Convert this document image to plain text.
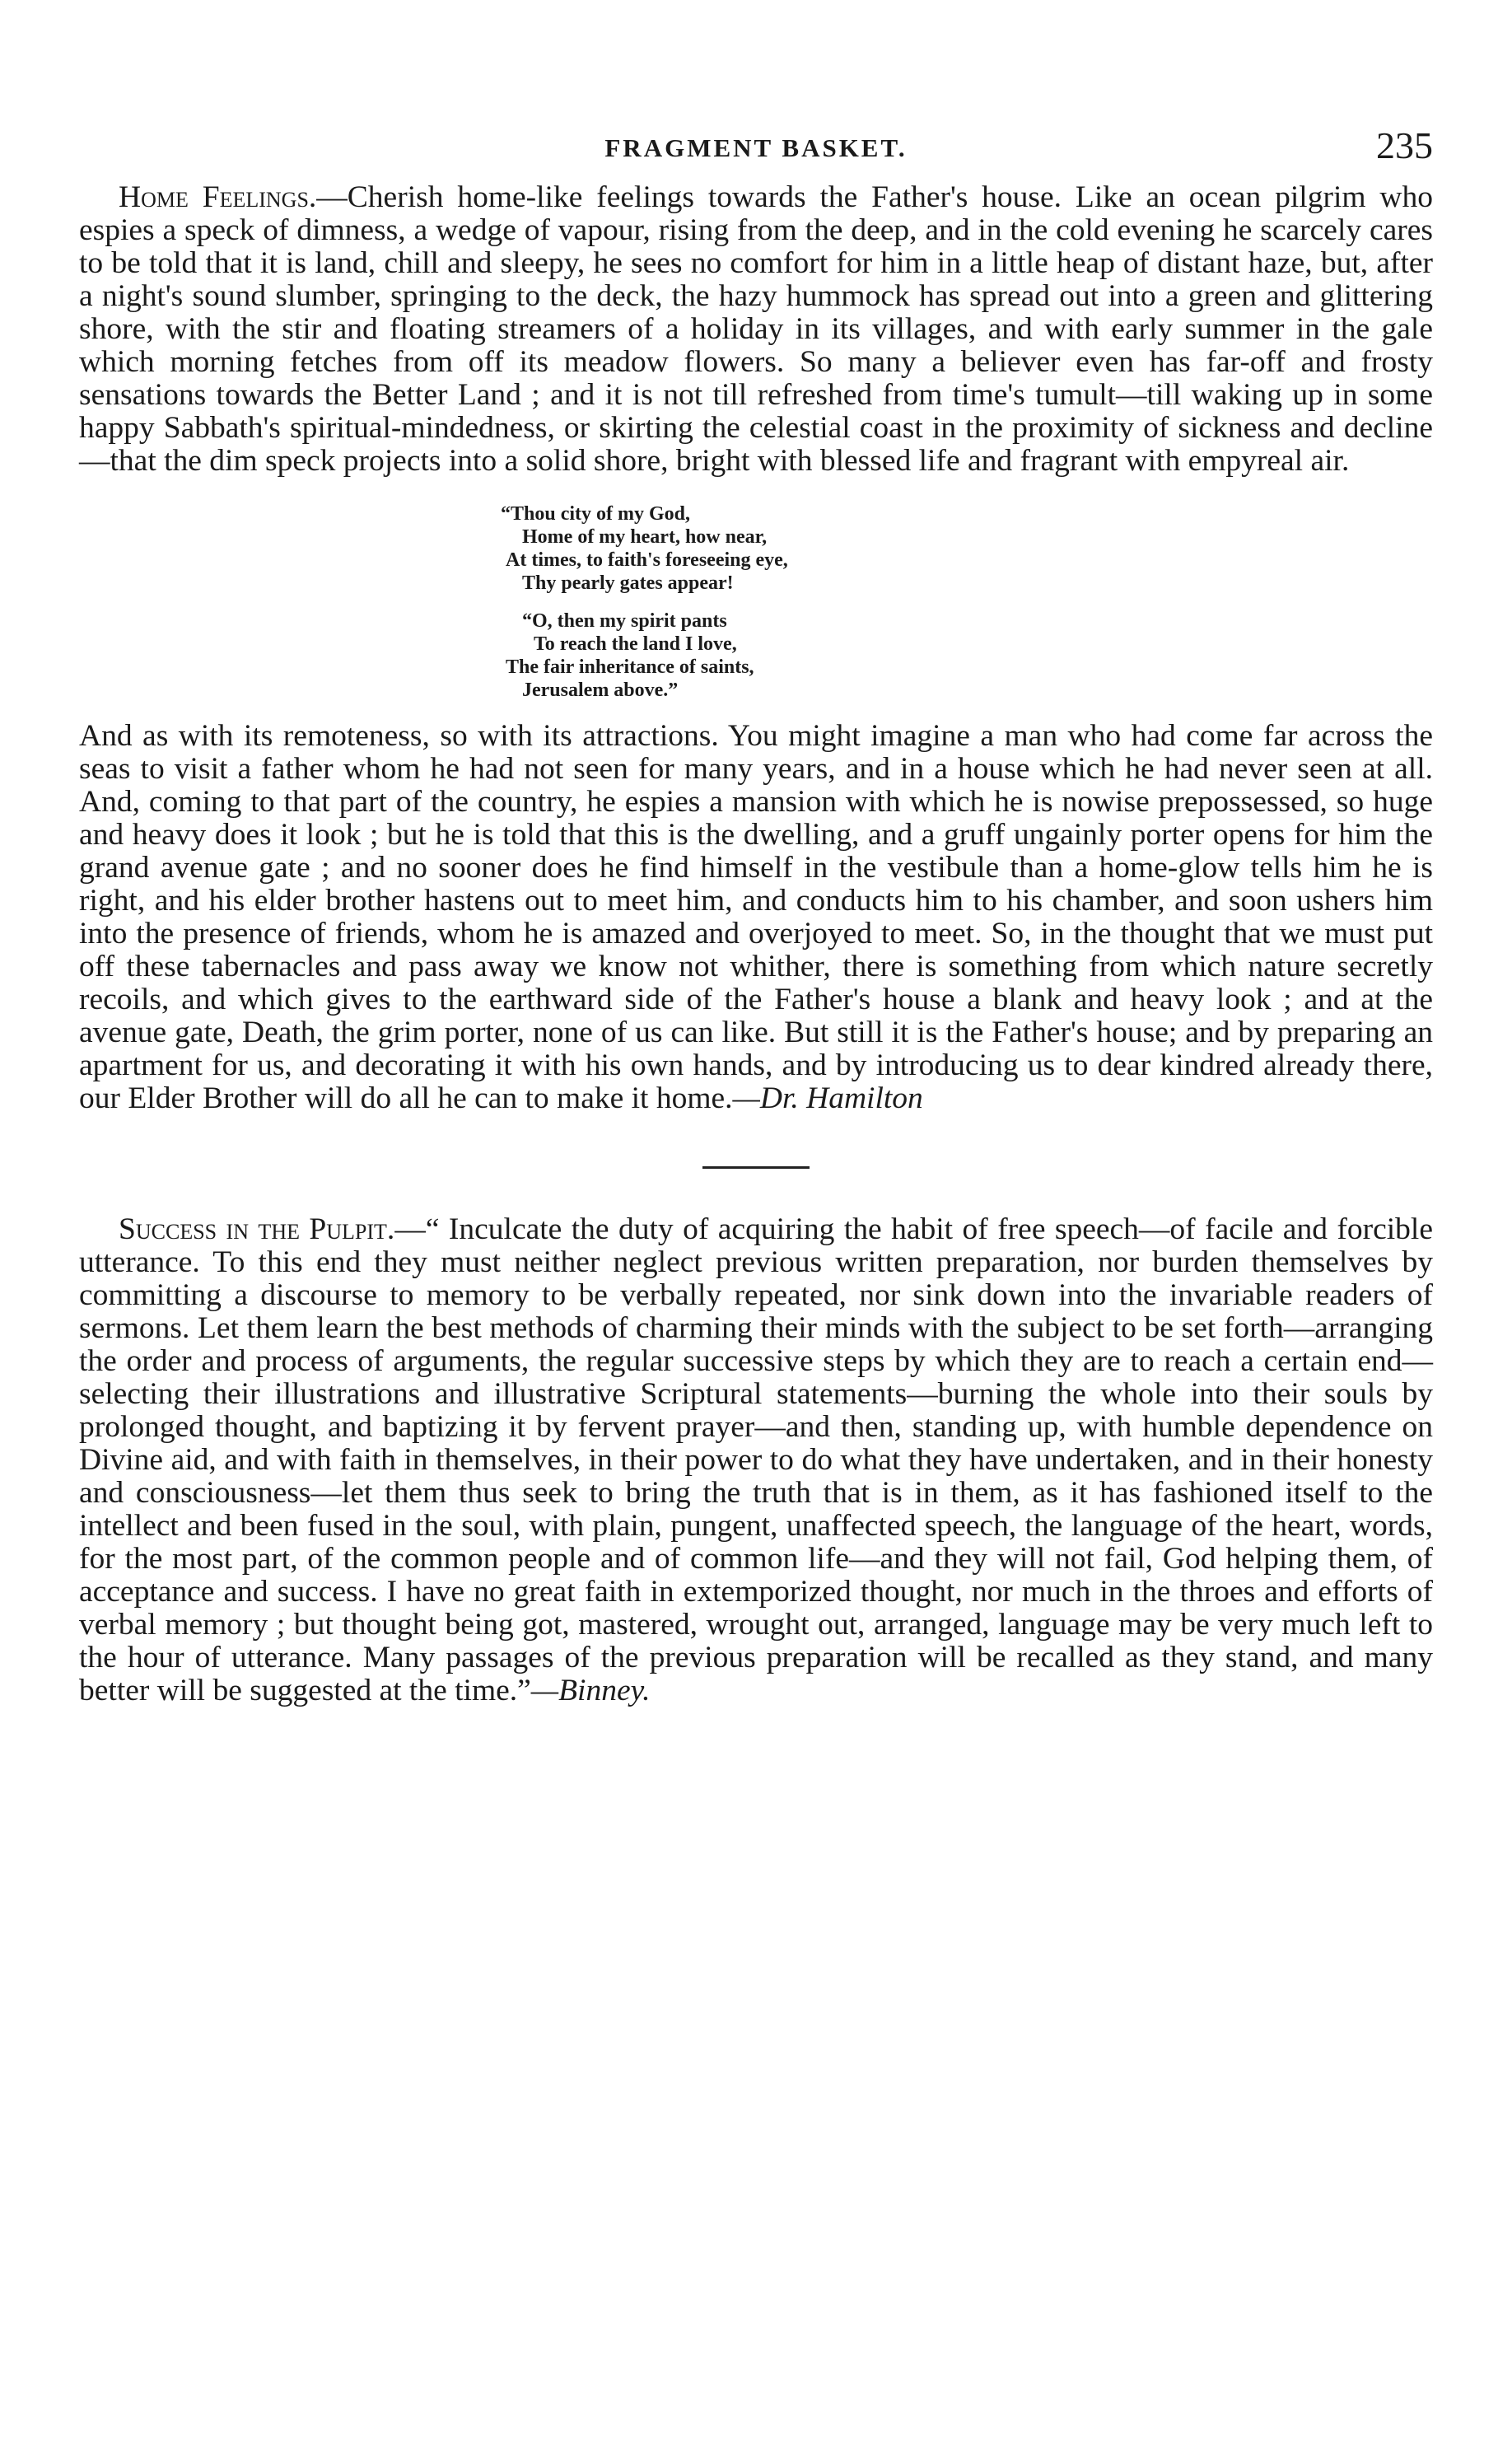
FRAGMENT BASKET.	235

Home Feelings.—Cherish home-like feelings towards the Father's house. Like an ocean pilgrim who espies a speck of dimness, a wedge of vapour, rising from the deep, and in the cold evening he scarcely cares to be told that it is land, chill and sleepy, he sees no comfort for him in a little heap of distant haze, but, after a night's sound slumber, springing to the deck, the hazy hummock has spread out into a green and glittering shore, with the stir and floating streamers of a holiday in its villages, and with early summer in the gale which morning fetches from off its meadow flowers. So many a believer even has far-off and frosty sensations towards the Better Land ; and it is not till refreshed from time's tumult—till waking up in some happy Sabbath's spiritual-mindedness, or skirting the celestial coast in the proximity of sickness and decline—that the dim speck projects into a solid shore, bright with blessed life and fragrant with empyreal air.

“Thou city of my God,
Home of my heart, how near,
At times, to faith's foreseeing eye,
Thy pearly gates appear!
“O, then my spirit pants
To reach the land I love,
The fair inheritance of saints,
Jerusalem above.”

And as with its remoteness, so with its attractions. You might imagine a man who had come far across the seas to visit a father whom he had not seen for many years, and in a house which he had never seen at all. And, coming to that part of the country, he espies a mansion with which he is nowise prepossessed, so huge and heavy does it look ; but he is told that this is the dwelling, and a gruff ungainly porter opens for him the grand avenue gate ; and no sooner does he find himself in the vestibule than a home-glow tells him he is right, and his elder brother hastens out to meet him, and conducts him to his chamber, and soon ushers him into the presence of friends, whom he is amazed and overjoyed to meet. So, in the thought that we must put off these tabernacles and pass away we know not whither, there is something from which nature secretly recoils, and which gives to the earthward side of the Father's house a blank and heavy look ; and at the avenue gate, Death, the grim porter, none of us can like. But still it is the Father's house; and by preparing an apartment for us, and decorating it with his own hands, and by introducing us to dear kindred already there, our Elder Brother will do all he can to make it home.—Dr. Hamilton

Success in the Pulpit.—“ Inculcate the duty of acquiring the habit of free speech—of facile and forcible utterance. To this end they must neither neglect previous written preparation, nor burden themselves by committing a discourse to memory to be verbally repeated, nor sink down into the invariable readers of sermons. Let them learn the best methods of charming their minds with the subject to be set forth—arranging the order and process of arguments, the regular successive steps by which they are to reach a certain end—selecting their illustrations and illustrative Scriptural statements—burning the whole into their souls by prolonged thought, and baptizing it by fervent prayer—and then, standing up, with humble dependence on Divine aid, and with faith in themselves, in their power to do what they have undertaken, and in their honesty and consciousness—let them thus seek to bring the truth that is in them, as it has fashioned itself to the intellect and been fused in the soul, with plain, pungent, unaffected speech, the language of the heart, words, for the most part, of the common people and of common life—and they will not fail, God helping them, of acceptance and success. I have no great faith in extemporized thought, nor much in the throes and efforts of verbal memory ; but thought being got, mastered, wrought out, arranged, language may be very much left to the hour of utterance. Many passages of the previous preparation will be recalled as they stand, and many better will be suggested at the time.”—Binney.
